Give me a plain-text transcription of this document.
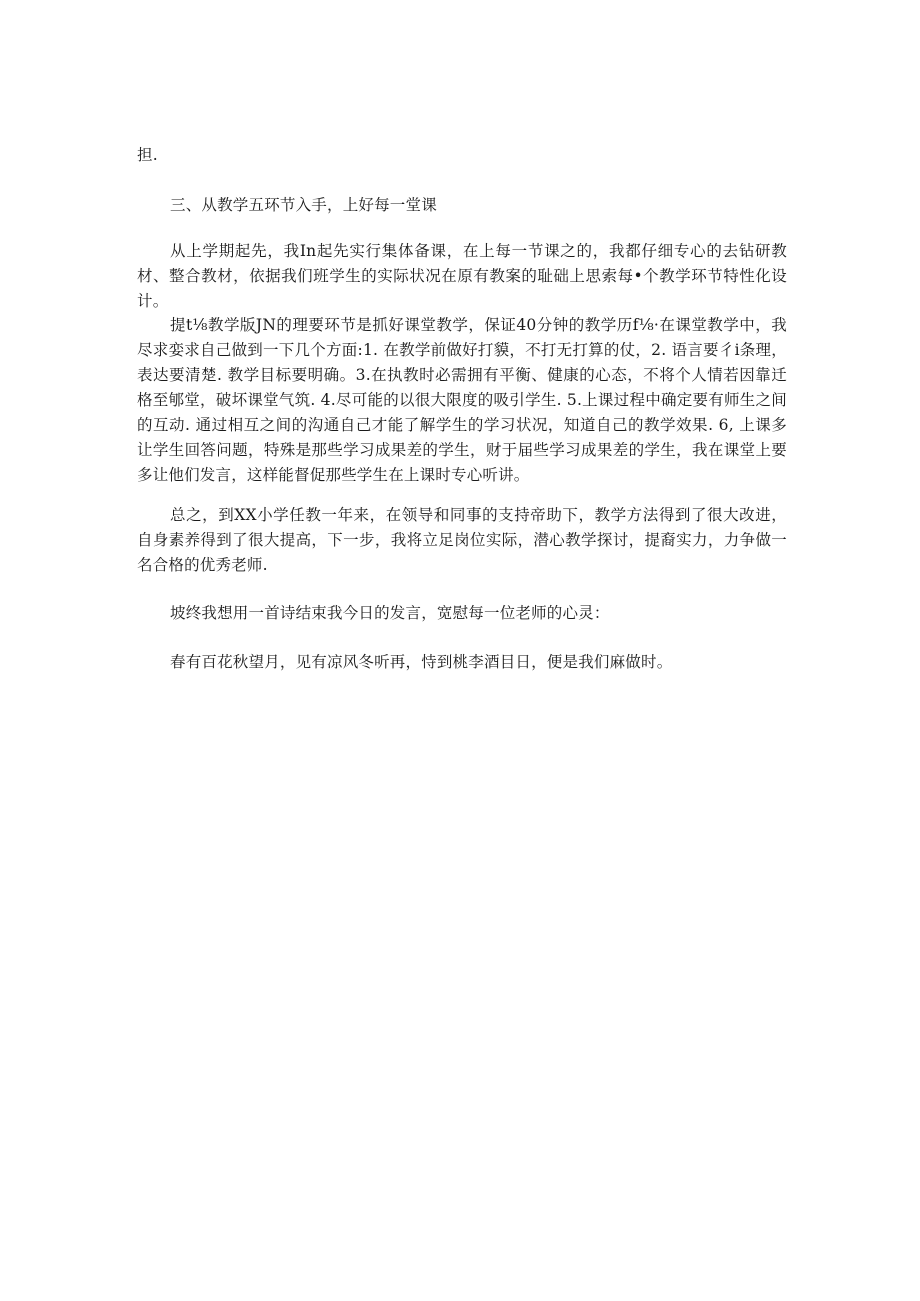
担.

三、从教学五环节入手，上好每一堂课

从上学期起先，我In起先实行集体备课，在上每一节课之的，我都仔细专心的去钻研教材、整合教材，依据我们班学生的实际状况在原有教案的耻础上思索每•个教学环节特性化设计。

提t⅛教学版JN的理要环节是抓好课堂教学，保证40分钟的教学历f⅛·在课堂教学中，我尽求娈求自己做到一下几个方面:1. 在教学前做好打貘，不打无打算的仗，2. 语言要彳i条理，表达要清楚. 教学目标要明确。3.在执教时必需拥有平衡、健康的心态，不将个人情若因靠迁格至郇堂，破坏课堂气筑. 4.尽可能的以很大限度的吸引学生. 5.上课过程中确定要有师生之间的互动. 通过相互之间的沟通自己才能了解学生的学习状况，知道自己的教学效果. 6, 上课多让学生回答问题，特殊是那些学习成果差的学生，财于届些学习成果差的学生，我在课堂上要多让他们发言，这样能督促那些学生在上课时专心听讲。

总之，到XX小学任教一年来，在领导和同事的支持帝助下，教学方法得到了很大改进，自身素养得到了很大提高，下一步，我将立足岗位实际，潜心教学探讨，提裔实力，力争做一名合格的优秀老师.

坡终我想用一首诗结束我今日的发言，宽慰每一位老师的心灵：

春有百花秋望月，见有凉风冬听再，恃到桃李酒目日，便是我们麻做时。
